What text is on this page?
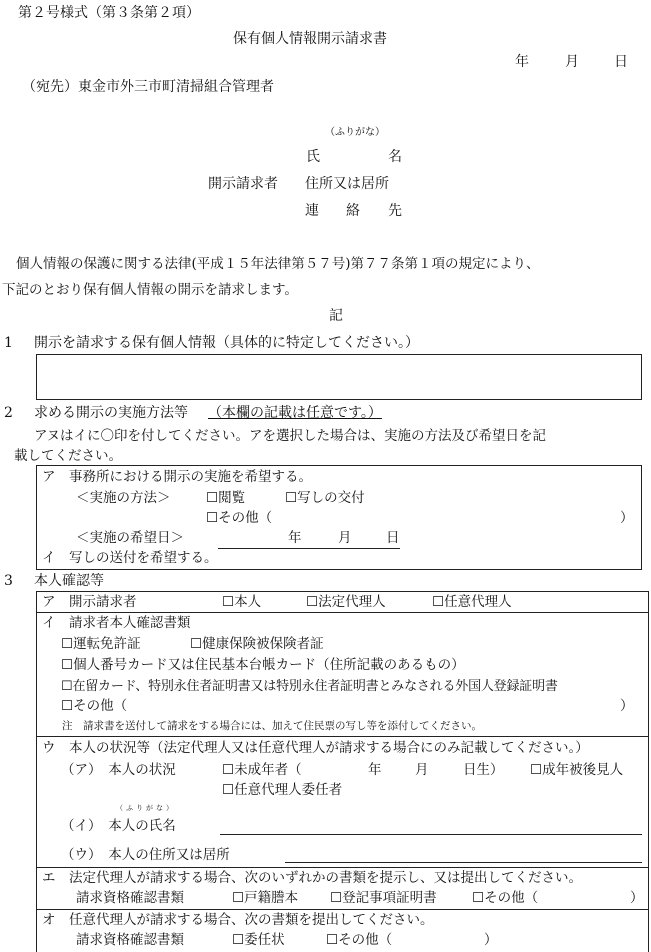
第２号様式（第３条第２項）
保有個人情報開示請求書
年	月	日
（宛先）東金市外三市町清掃組合管理者
（ふりがな）
氏	名
開示請求者 住所又は居所
連 絡 先
個人情報の保護に関する法律(平成１５年法律第５７号)第７７条第１項の規定により、
下記のとおり保有個人情報の開示を請求します。
記
1 開示を請求する保有個人情報（具体的に特定してください。）
2 求める開示の実施方法等 （本欄の記載は任意です。）
アヌはイに〇印を付してください。アを選択した場合は、実施の方法及び希望日を記
載してください。
ア　事務所における開示の実施を希望する。
＜実施の方法＞	☐閲覧	☐写しの交付
☐その他（	）
＜実施の希望日＞	年	月	日
イ　写しの送付を希望する。
3 本人確認等
ア　開示請求者	☐本人	☐法定代理人	☐任意代理人
イ　請求者本人確認書類
☐運転免許証	☐健康保険被保険者証
☐個人番号カード又は住民基本台帳カード（住所記載のあるもの）
☐在留カード、特別永住者証明書又は特別永住者証明書とみなされる外国人登録証明書
☐その他（	）
注　請求書を送付して請求をする場合には、加えて住民票の写し等を添付してください。
ウ　本人の状況等（法定代理人又は任意代理人が請求する場合にのみ記載してください。）
（ア）　本人の状況	☐未成年者（	年 月	日生） ☐成年被後見人
☐任意代理人委任者
（ふりがな）
（イ）　本人の氏名
（ウ）　本人の住所又は居所
エ　法定代理人が請求する場合、次のいずれかの書類を提示し、又は提出してください。
請求資格確認書類	☐戸籍謄本 ☐登記事項証明書	☐その他（	）
オ　任意代理人が請求する場合、次の書類を提出してください。
請求資格確認書類	☐委任状	☐その他（	）
